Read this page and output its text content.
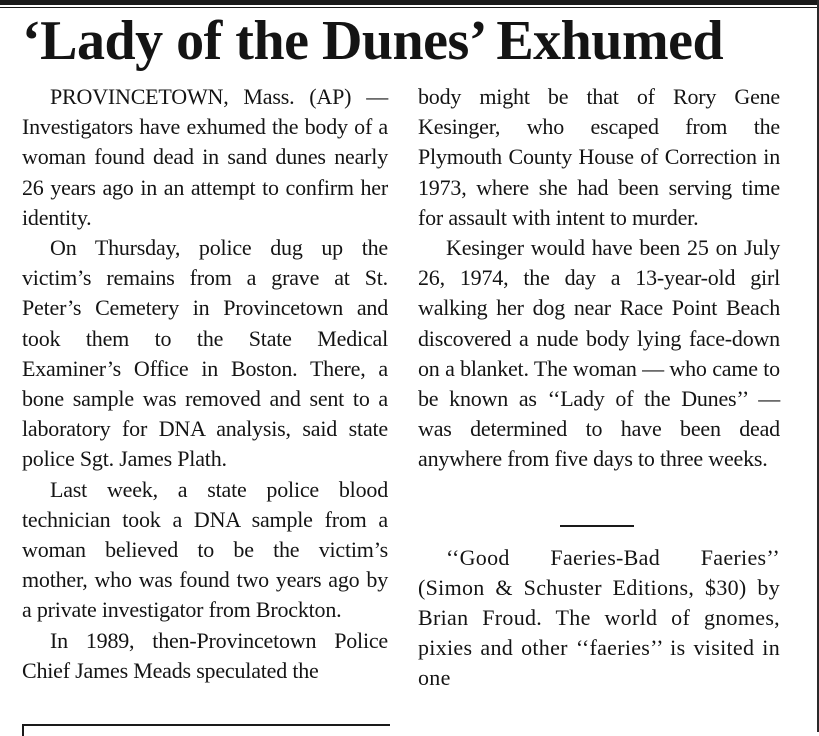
‘Lady of the Dunes’ Exhumed

PROVINCETOWN, Mass. (AP) — Investigators have exhumed the body of a woman found dead in sand dunes nearly 26 years ago in an attempt to confirm her identity.

On Thursday, police dug up the victim’s remains from a grave at St. Peter’s Cemetery in Provincetown and took them to the State Medical Examiner’s Office in Boston. There, a bone sample was removed and sent to a laboratory for DNA analysis, said state police Sgt. James Plath.

Last week, a state police blood technician took a DNA sample from a woman believed to be the victim’s mother, who was found two years ago by a private investigator from Brockton.

In 1989, then-Provincetown Police Chief James Meads speculated the

body might be that of Rory Gene Kesinger, who escaped from the Plymouth County House of Correction in 1973, where she had been serving time for assault with intent to murder.

Kesinger would have been 25 on July 26, 1974, the day a 13-year-old girl walking her dog near Race Point Beach discovered a nude body lying face-down on a blanket. The woman — who came to be known as ‘‘Lady of the Dunes’’ — was determined to have been dead anywhere from five days to three weeks.

‘‘Good Faeries-Bad Faeries’’ (Simon & Schuster Editions, $30) by Brian Froud. The world of gnomes, pixies and other ‘‘faeries’’ is visited in one
